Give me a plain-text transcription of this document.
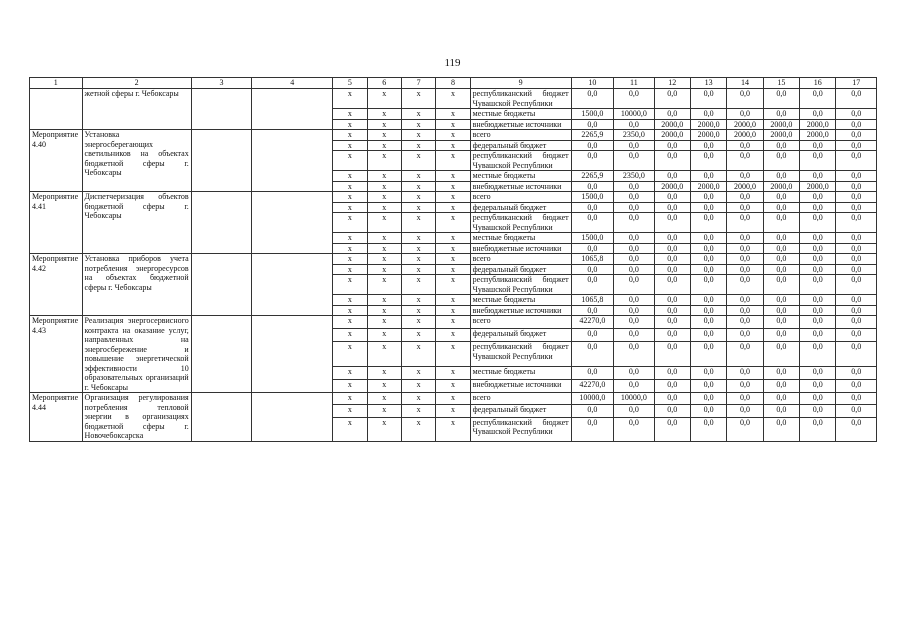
119
1	2	3	4	5	6	7	8	9	10	11	12	13	14	15	16	17
	жетной сферы г. Чебоксары			х	х	х	х	республиканский бюджет Чувашской Республики	0,0	0,0	0,0	0,0	0,0	0,0	0,0	0,0
				х	х	х	х	местные бюджеты	1500,0	10000,0	0,0	0,0	0,0	0,0	0,0	0,0
				х	х	х	х	внебюджетные источники	0,0	0,0	2000,0	2000,0	2000,0	2000,0	2000,0	0,0
Мероприятие 4.40	Установка энергосберегающих светильников на объектах бюджетной сферы г. Чебоксары			х	х	х	х	всего	2265,9	2350,0	2000,0	2000,0	2000,0	2000,0	2000,0	0,0
				х	х	х	х	федеральный бюджет	0,0	0,0	0,0	0,0	0,0	0,0	0,0	0,0
				х	х	х	х	республиканский бюджет Чувашской Республики	0,0	0,0	0,0	0,0	0,0	0,0	0,0	0,0
				х	х	х	х	местные бюджеты	2265,9	2350,0	0,0	0,0	0,0	0,0	0,0	0,0
				х	х	х	х	внебюджетные источники	0,0	0,0	2000,0	2000,0	2000,0	2000,0	2000,0	0,0
Мероприятие 4.41	Диспетчеризация объектов бюджетной сферы г. Чебоксары			х	х	х	х	всего	1500,0	0,0	0,0	0,0	0,0	0,0	0,0	0,0
				х	х	х	х	федеральный бюджет	0,0	0,0	0,0	0,0	0,0	0,0	0,0	0,0
				х	х	х	х	республиканский бюджет Чувашской Республики	0,0	0,0	0,0	0,0	0,0	0,0	0,0	0,0
				х	х	х	х	местные бюджеты	1500,0	0,0	0,0	0,0	0,0	0,0	0,0	0,0
				х	х	х	х	внебюджетные источники	0,0	0,0	0,0	0,0	0,0	0,0	0,0	0,0
Мероприятие 4.42	Установка приборов учета потребления энергоресурсов на объектах бюджетной сферы г. Чебоксары			х	х	х	х	всего	1065,8	0,0	0,0	0,0	0,0	0,0	0,0	0,0
				х	х	х	х	федеральный бюджет	0,0	0,0	0,0	0,0	0,0	0,0	0,0	0,0
				х	х	х	х	республиканский бюджет Чувашской Республики	0,0	0,0	0,0	0,0	0,0	0,0	0,0	0,0
				х	х	х	х	местные бюджеты	1065,8	0,0	0,0	0,0	0,0	0,0	0,0	0,0
				х	х	х	х	внебюджетные источники	0,0	0,0	0,0	0,0	0,0	0,0	0,0	0,0
Мероприятие 4.43	Реализация энергосервисного контракта на оказание услуг, направленных на энергосбережение и повышение энергетической эффективности 10 образовательных организаций г. Чебоксары			х	х	х	х	всего	42270,0	0,0	0,0	0,0	0,0	0,0	0,0	0,0
				х	х	х	х	федеральный бюджет	0,0	0,0	0,0	0,0	0,0	0,0	0,0	0,0
				х	х	х	х	республиканский бюджет Чувашской Республики	0,0	0,0	0,0	0,0	0,0	0,0	0,0	0,0
				х	х	х	х	местные бюджеты	0,0	0,0	0,0	0,0	0,0	0,0	0,0	0,0
				х	х	х	х	внебюджетные источники	42270,0	0,0	0,0	0,0	0,0	0,0	0,0	0,0
Мероприятие 4.44	Организация регулирования потребления тепловой энергии в организациях бюджетной сферы г. Новочебоксарска			х	х	х	х	всего	10000,0	10000,0	0,0	0,0	0,0	0,0	0,0	0,0
				х	х	х	х	федеральный бюджет	0,0	0,0	0,0	0,0	0,0	0,0	0,0	0,0
				х	х	х	х	республиканский бюджет Чувашской Республики	0,0	0,0	0,0	0,0	0,0	0,0	0,0	0,0
